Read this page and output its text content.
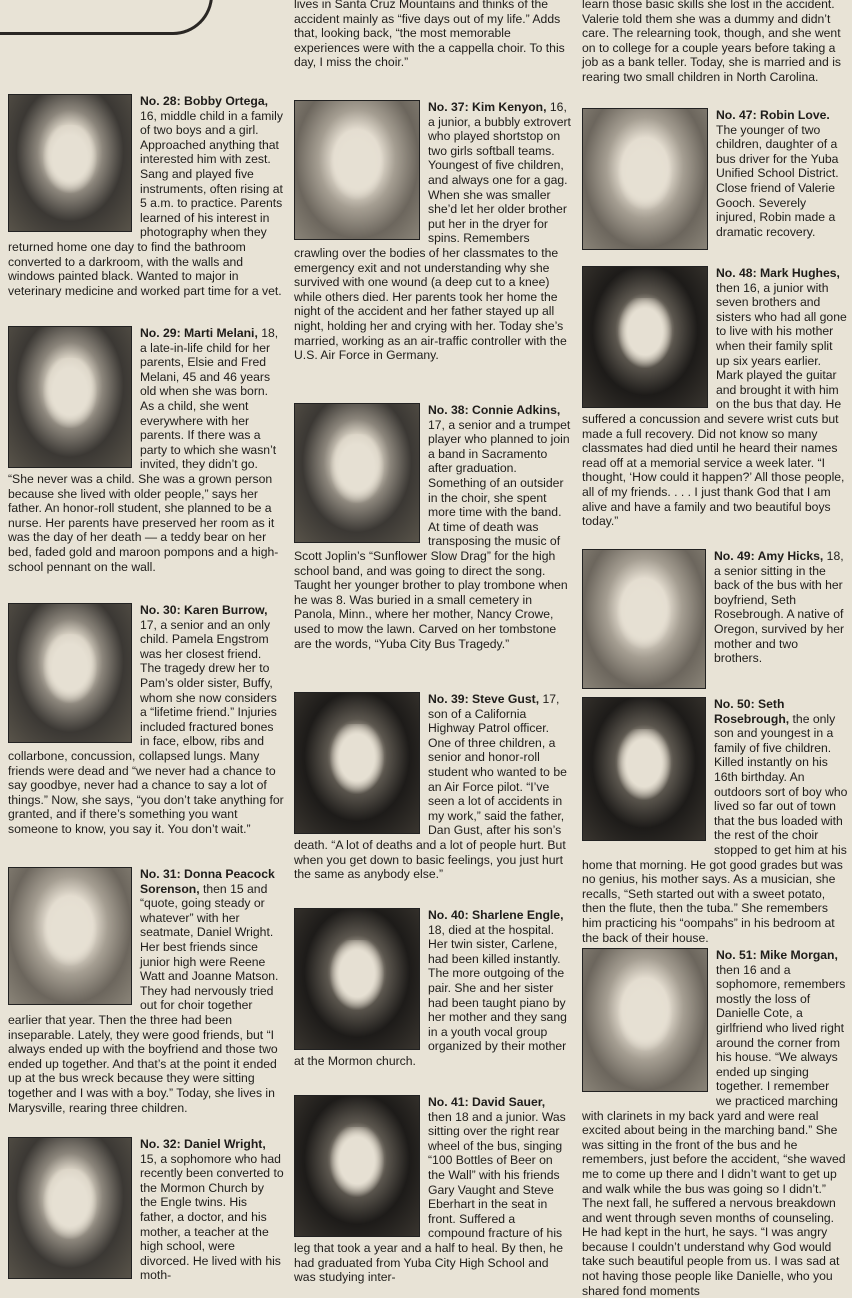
No. 28: Bobby Ortega, 16, middle child in a family of two boys and a girl. Approached anything that interested him with zest. Sang and played five instruments, often rising at 5 a.m. to practice. Parents learned of his interest in photography when they returned home one day to find the bathroom converted to a darkroom, with the walls and windows painted black. Wanted to major in veterinary medicine and worked part time for a vet.
No. 29: Marti Melani, 18, a late-in-life child for her parents, Elsie and Fred Melani, 45 and 46 years old when she was born. As a child, she went everywhere with her parents. If there was a party to which she wasn’t invited, they didn’t go. “She never was a child. She was a grown person because she lived with older people,” says her father. An honor-roll student, she planned to be a nurse. Her parents have preserved her room as it was the day of her death — a teddy bear on her bed, faded gold and maroon pompons and a high-school pennant on the wall.
No. 30: Karen Burrow, 17, a senior and an only child. Pamela Engstrom was her closest friend. The tragedy drew her to Pam’s older sister, Buffy, whom she now considers a “lifetime friend.” Injuries included fractured bones in face, elbow, ribs and collarbone, concussion, collapsed lungs. Many friends were dead and “we never had a chance to say goodbye, never had a chance to say a lot of things.” Now, she says, “you don’t take anything for granted, and if there’s something you want someone to know, you say it. You don’t wait.”
No. 31: Donna Peacock Sorenson, then 15 and “quote, going steady or whatever” with her seatmate, Daniel Wright. Her best friends since junior high were Reene Watt and Joanne Matson. They had nervously tried out for choir together earlier that year. Then the three had been inseparable. Lately, they were good friends, but “I always ended up with the boyfriend and those two ended up together. And that’s at the point it ended up at the bus wreck because they were sitting together and I was with a boy.” Today, she lives in Marysville, rearing three children.
No. 32: Daniel Wright, 15, a sophomore who had recently been converted to the Mormon Church by the Engle twins. His father, a doctor, and his mother, a teacher at the high school, were divorced. He lived with his moth-
lives in Santa Cruz Mountains and thinks of the accident mainly as “five days out of my life.” Adds that, looking back, “the most memorable experiences were with the a cappella choir. To this day, I miss the choir.”
No. 37: Kim Kenyon, 16, a junior, a bubbly extrovert who played shortstop on two girls softball teams. Youngest of five children, and always one for a gag. When she was smaller she’d let her older brother put her in the dryer for spins. Remembers crawling over the bodies of her classmates to the emergency exit and not understanding why she survived with one wound (a deep cut to a knee) while others died. Her parents took her home the night of the accident and her father stayed up all night, holding her and crying with her. Today she’s married, working as an air-traffic controller with the U.S. Air Force in Germany.
No. 38: Connie Adkins, 17, a senior and a trumpet player who planned to join a band in Sacramento after graduation. Something of an outsider in the choir, she spent more time with the band. At time of death was transposing the music of Scott Joplin’s “Sunflower Slow Drag” for the high school band, and was going to direct the song. Taught her younger brother to play trombone when he was 8. Was buried in a small cemetery in Panola, Minn., where her mother, Nancy Crowe, used to mow the lawn. Carved on her tombstone are the words, “Yuba City Bus Tragedy.”
No. 39: Steve Gust, 17, son of a California Highway Patrol officer. One of three children, a senior and honor-roll student who wanted to be an Air Force pilot. “I’ve seen a lot of accidents in my work,” said the father, Dan Gust, after his son’s death. “A lot of deaths and a lot of people hurt. But when you get down to basic feelings, you just hurt the same as anybody else.”
No. 40: Sharlene Engle, 18, died at the hospital. Her twin sister, Carlene, had been killed instantly. The more outgoing of the pair. She and her sister had been taught piano by her mother and they sang in a youth vocal group organized by their mother at the Mormon church.
No. 41: David Sauer, then 18 and a junior. Was sitting over the right rear wheel of the bus, singing “100 Bottles of Beer on the Wall” with his friends Gary Vaught and Steve Eberhart in the seat in front. Suffered a compound fracture of his leg that took a year and a half to heal. By then, he had graduated from Yuba City High School and was studying inter-
learn those basic skills she lost in the accident. Valerie told them she was a dummy and didn’t care. The relearning took, though, and she went on to college for a couple years before taking a job as a bank teller. Today, she is married and is rearing two small children in North Carolina.
No. 47: Robin Love. The younger of two children, daughter of a bus driver for the Yuba Unified School District. Close friend of Valerie Gooch. Severely injured, Robin made a dramatic recovery.
No. 48: Mark Hughes, then 16, a junior with seven brothers and sisters who had all gone to live with his mother when their family split up six years earlier. Mark played the guitar and brought it with him on the bus that day. He suffered a concussion and severe wrist cuts but made a full recovery. Did not know so many classmates had died until he heard their names read off at a memorial service a week later. “I thought, ‘How could it happen?’ All those people, all of my friends. . . . I just thank God that I am alive and have a family and two beautiful boys today.”
No. 49: Amy Hicks, 18, a senior sitting in the back of the bus with her boyfriend, Seth Rosebrough. A native of Oregon, survived by her mother and two brothers.
No. 50: Seth Rosebrough, the only son and youngest in a family of five children. Killed instantly on his 16th birthday. An outdoors sort of boy who lived so far out of town that the bus loaded with the rest of the choir stopped to get him at his home that morning. He got good grades but was no genius, his mother says. As a musician, she recalls, “Seth started out with a sweet potato, then the flute, then the tuba.” She remembers him practicing his “oompahs” in his bedroom at the back of their house.
No. 51: Mike Morgan, then 16 and a sophomore, remembers mostly the loss of Danielle Cote, a girlfriend who lived right around the corner from his house. “We always ended up singing together. I remember we practiced marching with clarinets in my back yard and were real excited about being in the marching band.” She was sitting in the front of the bus and he remembers, just before the accident, “she waved me to come up there and I didn’t want to get up and walk while the bus was going so I didn’t.” The next fall, he suffered a nervous breakdown and went through seven months of counseling. He had kept in the hurt, he says. “I was angry because I couldn’t understand why God would take such beautiful people from us. I was sad at not having those people like Danielle, who you shared fond moments
